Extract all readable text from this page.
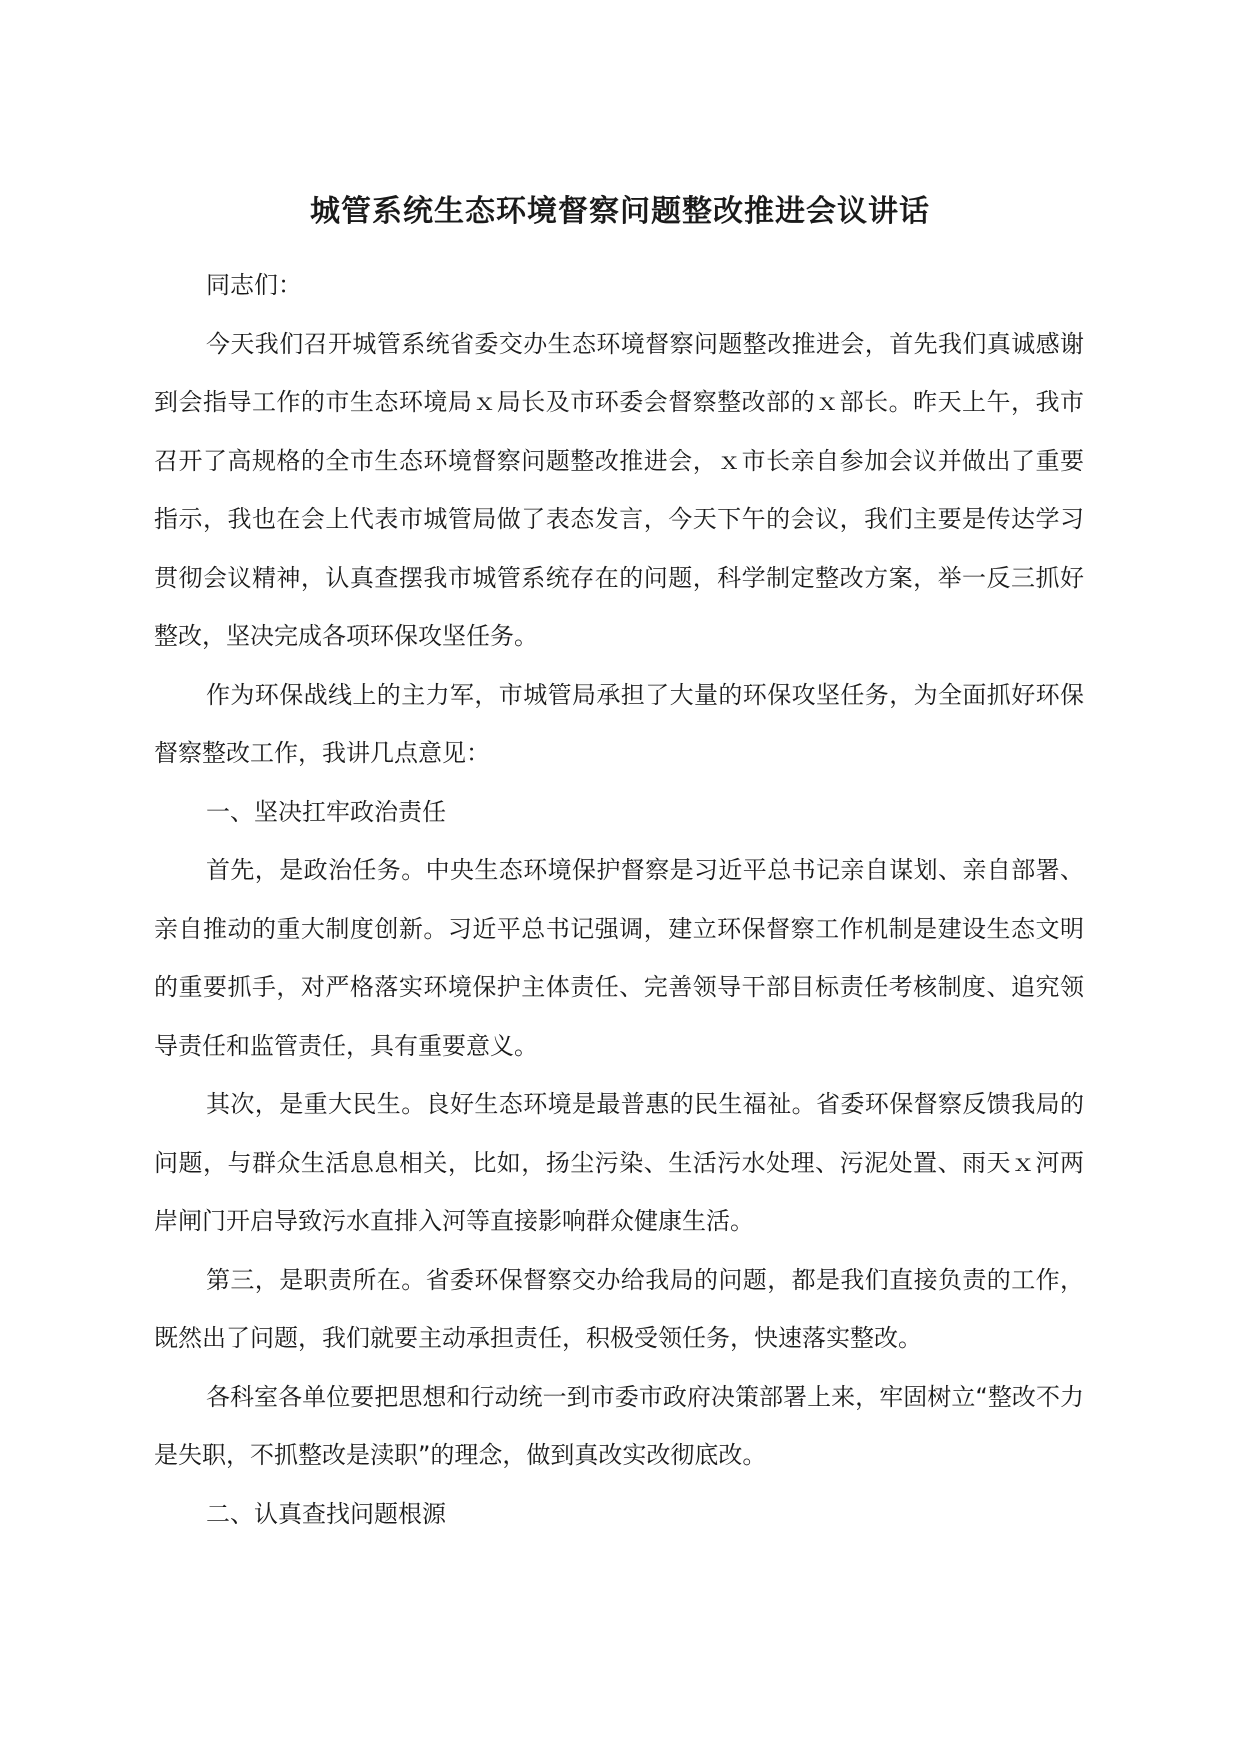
城管系统生态环境督察问题整改推进会议讲话

同志们：

今天我们召开城管系统省委交办生态环境督察问题整改推进会，首先我们真诚感谢到会指导工作的市生态环境局ｘ局长及市环委会督察整改部的ｘ部长。昨天上午，我市召开了高规格的全市生态环境督察问题整改推进会，ｘ市长亲自参加会议并做出了重要指示，我也在会上代表市城管局做了表态发言，今天下午的会议，我们主要是传达学习贯彻会议精神，认真查摆我市城管系统存在的问题，科学制定整改方案，举一反三抓好整改，坚决完成各项环保攻坚任务。

作为环保战线上的主力军，市城管局承担了大量的环保攻坚任务，为全面抓好环保督察整改工作，我讲几点意见：

一、坚决扛牢政治责任

首先，是政治任务。中央生态环境保护督察是习近平总书记亲自谋划、亲自部署、亲自推动的重大制度创新。习近平总书记强调，建立环保督察工作机制是建设生态文明的重要抓手，对严格落实环境保护主体责任、完善领导干部目标责任考核制度、追究领导责任和监管责任，具有重要意义。

其次，是重大民生。良好生态环境是最普惠的民生福祉。省委环保督察反馈我局的问题，与群众生活息息相关，比如，扬尘污染、生活污水处理、污泥处置、雨天ｘ河两岸闸门开启导致污水直排入河等直接影响群众健康生活。

第三，是职责所在。省委环保督察交办给我局的问题，都是我们直接负责的工作，既然出了问题，我们就要主动承担责任，积极受领任务，快速落实整改。

各科室各单位要把思想和行动统一到市委市政府决策部署上来，牢固树立“整改不力是失职，不抓整改是渎职”的理念，做到真改实改彻底改。

二、认真查找问题根源
